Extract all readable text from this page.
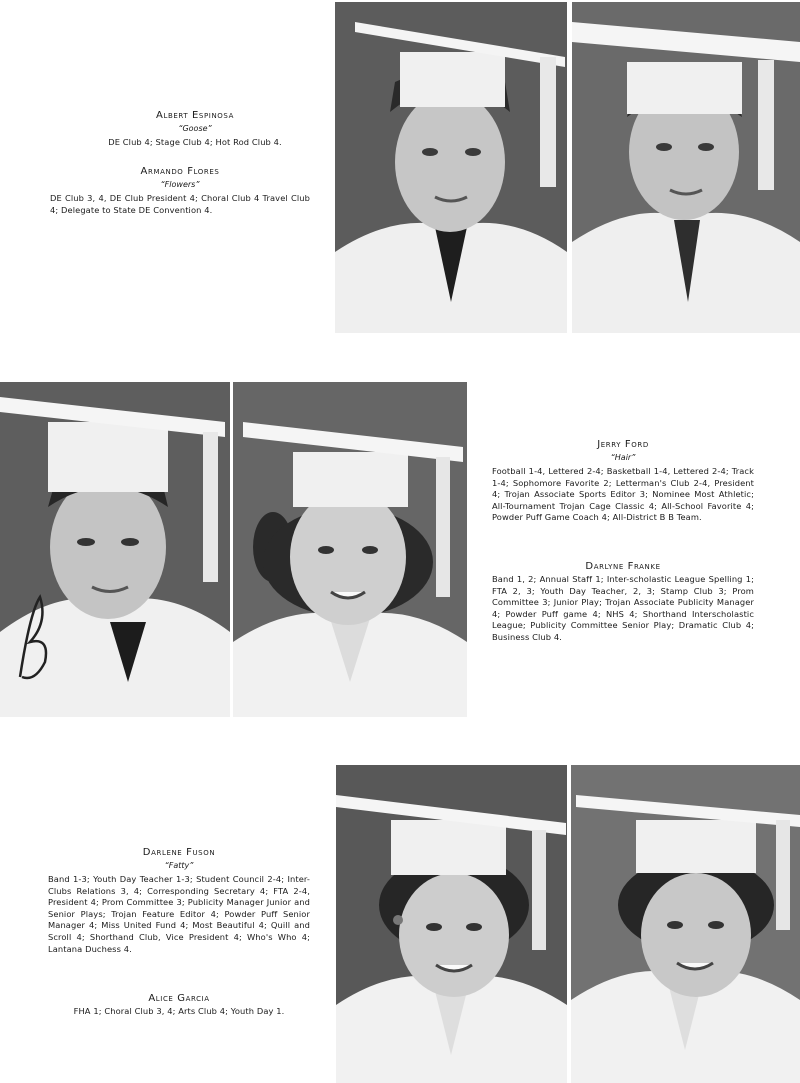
Albert Espinosa

“Goose”

DE Club 4; Stage Club 4; Hot Rod Club 4.

Armando Flores

“Flowers”

DE Club 3, 4, DE Club President 4; Choral Club 4 Travel Club 4; Delegate to State DE Convention 4.

Jerry Ford

“Hair”

Football 1-4, Lettered 2-4; Basketball 1-4, Lettered 2-4; Track 1-4; Sophomore Favorite 2; Letterman's Club 2-4, President 4; Trojan Associate Sports Editor 3; Nominee Most Athletic; All-Tournament Trojan Cage Classic 4; All-School Favorite 4; Powder Puff Game Coach 4; All-District B B Team.

Darlyne Franke

Band 1, 2; Annual Staff 1; Inter-scholastic League Spelling 1; FTA 2, 3; Youth Day Teacher, 2, 3; Stamp Club 3; Prom Committee 3; Junior Play; Trojan Associate Publicity Manager 4; Powder Puff game 4; NHS 4; Shorthand Interscholastic League; Publicity Committee Senior Play; Dramatic Club 4; Business Club 4.

Darlene Fuson

“Fatty”

Band 1-3; Youth Day Teacher 1-3; Student Council 2-4; Inter-Clubs Relations 3, 4; Corresponding Secretary 4; FTA 2-4, President 4; Prom Committee 3; Publicity Manager Junior and Senior Plays; Trojan Feature Editor 4; Powder Puff Senior Manager 4; Miss United Fund 4; Most Beautiful 4; Quill and Scroll 4; Shorthand Club, Vice President 4; Who's Who 4; Lantana Duchess 4.

Alice Garcia

FHA 1; Choral Club 3, 4; Arts Club 4; Youth Day 1.
